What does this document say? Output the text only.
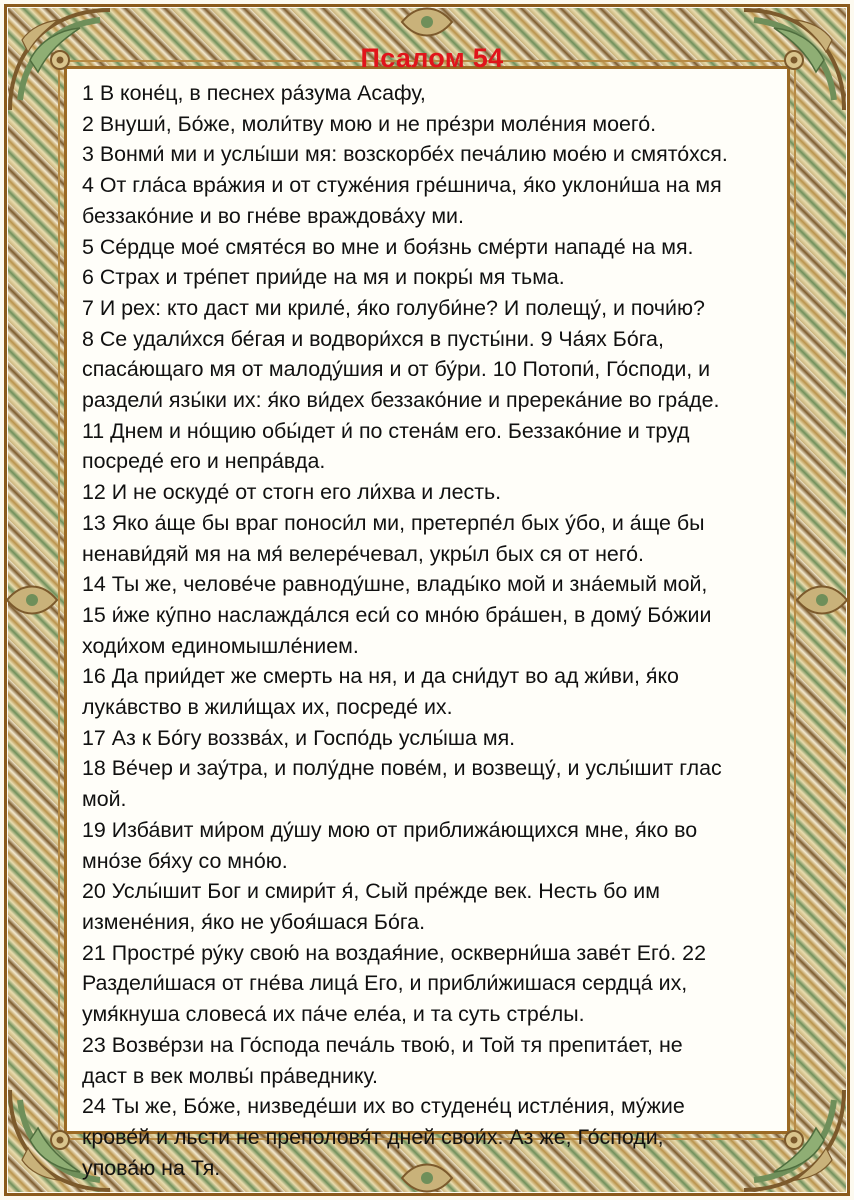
Псалом 54
1 В коне́ц, в песнех ра́зума Асафу,
2 Внуши́, Бо́же, моли́тву мою и не пре́зри моле́ния моего́.
3 Вонми́ ми и услы́ши мя: возскорбе́х печа́лию мое́ю и смято́хся.
4 От гла́са вра́жия и от стуже́ния гре́шнича, я́ко уклони́ша на мя
беззако́ние и во гне́ве враждова́ху ми.
5 Се́рдце мое́ смяте́ся во мне и боя́знь сме́рти нападе́ на мя.
6 Страх и тре́пет прии́де на мя и покры́ мя тьма.
7 И рех: кто даст ми криле́, я́ко голуби́не? И полещу́, и почи́ю?
8 Се удали́хся бе́гая и водвори́хся в пусты́ни. 9 Ча́ях Бо́га,
спаса́ющаго мя от малоду́шия и от бу́ри. 10 Потопи́, Го́споди, и
раздели́ язы́ки их: я́ко ви́дех беззако́ние и пререка́ние во гра́де.
11 Днем и но́щию обы́дет и́ по стена́м его. Беззако́ние и труд
посреде́ его и непра́вда.
12 И не оскуде́ от стогн его ли́хва и лесть.
13 Яко а́ще бы враг поноси́л ми, претерпе́л бых у́бо, и а́ще бы
ненави́дяй мя на мя́ велере́чевал, укры́л бых ся от него́.
14 Ты же, челове́че равноду́шне, влады́ко мой и зна́емый мой,
15 и́же ку́пно наслажда́лся еси́ со мно́ю бра́шен, в дому́ Бо́жии
ходи́хом единомышле́нием.
16 Да прии́дет же смерть на ня, и да сни́дут во ад жи́ви, я́ко
лука́вство в жили́щах их, посреде́ их.
17 Аз к Бо́гу воззва́х, и Госпо́дь услы́ша мя.
18 Ве́чер и зау́тра, и полу́дне пове́м, и возвещу́, и услы́шит глас
мой.
19 Изба́вит ми́ром ду́шу мою от приближа́ющихся мне, я́ко во
мно́зе бя́ху со мно́ю.
20 Услы́шит Бог и смири́т я́, Сый пре́жде век. Несть бо им
измене́ния, я́ко не убоя́шася Бо́га.
21 Простре́ ру́ку свою́ на воздая́ние, оскверни́ша заве́т Его́. 22
Раздели́шася от гне́ва лица́ Его, и прибли́жишася сердца́ их,
умя́кнуша словеса́ их па́че еле́а, и та суть стре́лы.
23 Возве́рзи на Го́спода печа́ль твою́, и Той тя препита́ет, не
даст в век молвы́ пра́веднику.
24 Ты же, Бо́же, низведе́ши их во студене́ц истле́ния, му́жие
крове́й и льсти не преполовя́т дней свои́х. Аз же, Го́споди,
упова́ю на Тя.
